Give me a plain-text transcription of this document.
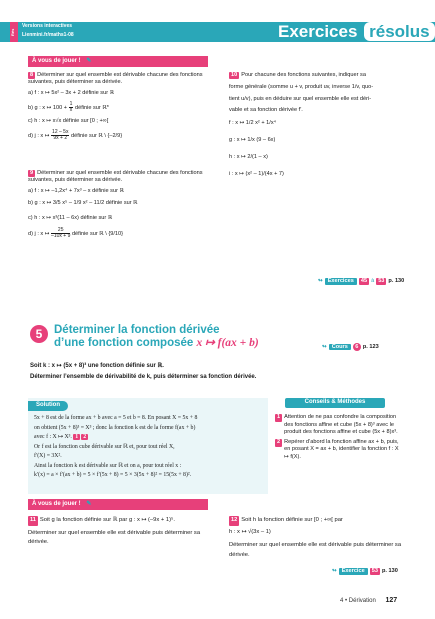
Rés
Versions interactives
Lienmini.fr/maths1-08	Exercices résolus
À vous de jouer ! ✎
8 Déterminer sur quel ensemble est dérivable chacune des fonctions suivantes, puis déterminer sa dérivée.
a) f : x ↦ 5x² – 3x + 2 définie sur ℝ
b) g : x ↦ $100 + \frac{1}{x}$ définie sur ℝ*
c) h : x ↦ x√x définie sur [0 ; +∞[
d) j : x ↦ $\frac{12 - 5x}{9x + 2}$ définie sur ℝ \ {–2/9}
9 Déterminer sur quel ensemble est dérivable chacune des fonctions suivantes, puis déterminer sa dérivée.
a) f : x ↦ –1,2x⁴ + 7x³ – x définie sur ℝ
b) g : x ↦ 3/5 x⁵ – 1/9 x² – 11/2 définie sur ℝ
c) h : x ↦ x³(11 – 6x) définie sur ℝ
d) j : x ↦ $\frac{25}{-10x + 9}$ définie sur ℝ \ {9/10}
10 Pour chacune des fonctions suivantes, indiquer sa
forme générale (somme u + v, produit uv, inverse 1/v, quo-
tient u/v), puis en déduire sur quel ensemble elle est déri-
vable et sa fonction dérivée f′.
f : x ↦ 1/2 x² + 1/x⁴
g : x ↦ 1/x (9 – 6x)
h : x ↦ 2/(1 – x)
i : x ↦ (x² – 1)/(4x + 7)
↬ Exercices	45 à 53 p. 130
5	Déterminer la fonction dérivée
d’une fonction composée x ↦ f(ax + b)	↬ Cours	6 p. 123
Soit k : x ↦ (5x + 8)³ une fonction définie sur ℝ.
Déterminer l’ensemble de dérivabilité de k, puis déterminer sa fonction dérivée.
Solution
5x + 8 est de la forme ax + b avec a = 5 et b = 8. En posant X = 5x + 8
on obtient (5x + 8)³ = X³ ; donc la fonction k est de la forme f(ax + b)
avec f : X ↦ X³. 1 2
Or f est la fonction cube dérivable sur ℝ et, pour tout réel X,
f′(X) = 3X².
Ainsi la fonction k est dérivable sur ℝ et on a, pour tout réel x :
k′(x) = a × f′(ax + b) = 5 × f′(5x + 8) = 5 × 3(5x + 8)² = 15(5x + 8)².
Conseils & Méthodes
1 Attention de ne pas confondre la composition des fonctions affine et cube (5x + 8)³ avec le produit des fonctions affine et cube (5x + 8)x³.
2 Repérer d’abord la fonction affine ax + b, puis, en posant X = ax + b, identifier la fonction f : X ↦ f(X).
À vous de jouer ! ✎
11 Soit g la fonction définie sur ℝ par g : x ↦ (–9x + 1)⁵.
Déterminer sur quel ensemble elle est dérivable puis déterminer sa dérivée.
12 Soit h la fonction définie sur [0 ; +∞[ par
h : x ↦ √(3x – 1)
Déterminer sur quel ensemble elle est dérivable puis déterminer sa dérivée.
↬ Exercice	53 p. 130
4 • Dérivation 127
